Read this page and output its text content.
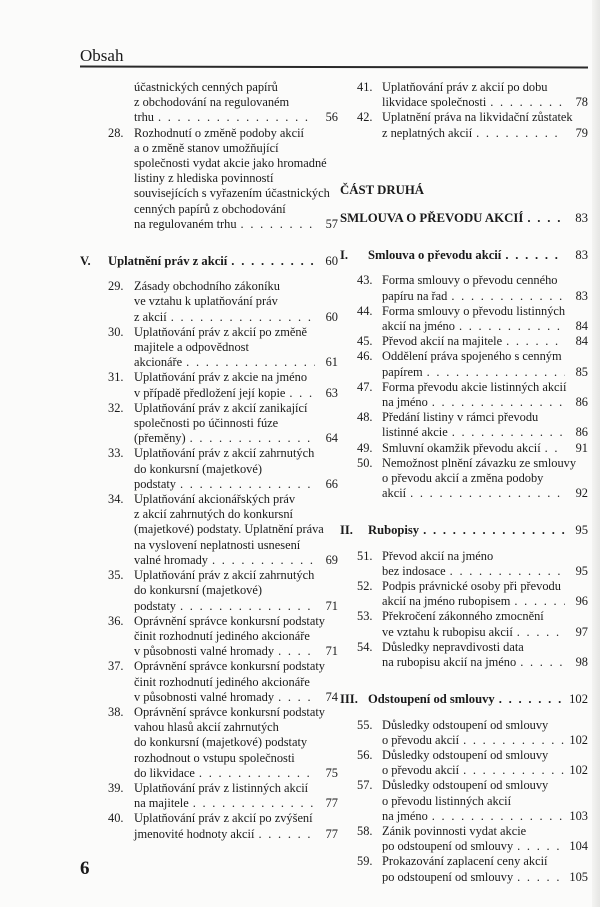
Obsah
účastnických cenných papírů
z obchodování na regulovaném
trhu . . .	56
28. Rozhodnutí o změně podoby akcií
a o změně stanov umožňující
společnosti vydat akcie jako hromadné
listiny z hlediska povinností
souvisejících s vyřazením účastnických
cenných papírů z obchodování
na regulovaném trhu . . .	57
V.	Uplatnění práv z akcií . . .	60
29. Zásady obchodního zákoníku
ve vztahu k uplatňování práv
z akcií . . .	60
30. Uplatňování práv z akcií po změně
majitele a odpovědnost
akcionáře . . .	61
31. Uplatňování práv z akcie na jméno
v případě předložení její kopie . . .	63
32. Uplatňování práv z akcií zanikající
společnosti po účinnosti fúze
(přeměny) . . .	64
33. Uplatňování práv z akcií zahrnutých
do konkursní (majetkové)
podstaty . . .	66
34. Uplatňování akcionářských práv
z akcií zahrnutých do konkursní
(majetkové) podstaty. Uplatnění práva
na vyslovení neplatnosti usnesení
valné hromady . . .	69
35. Uplatňování práv z akcií zahrnutých
do konkursní (majetkové)
podstaty . . .	71
36. Oprávnění správce konkursní podstaty
činit rozhodnutí jediného akcionáře
v působnosti valné hromady . . .	71
37. Oprávnění správce konkursní podstaty
činit rozhodnutí jediného akcionáře
v působnosti valné hromady . . .	74
38. Oprávnění správce konkursní podstaty
vahou hlasů akcií zahrnutých
do konkursní (majetkové) podstaty
rozhodnout o vstupu společnosti
do likvidace . . .	75
39. Uplatňování práv z listinných akcií
na majitele . . .	77
40. Uplatňování práv z akcií po zvýšení
jmenovité hodnoty akcií . . .	77
41. Uplatňování práv z akcií po dobu
likvidace společnosti . . .	78
42. Uplatnění práva na likvidační zůstatek
z neplatných akcií . . .	79
ČÁST DRUHÁ
SMLOUVA O PŘEVODU AKCIÍ . . .	83
I.	Smlouva o převodu akcií . . .	83
43. Forma smlouvy o převodu cenného
papíru na řad . . .	83
44. Forma smlouvy o převodu listinných
akcií na jméno . . .	84
45. Převod akcií na majitele . . .	84
46. Oddělení práva spojeného s cenným
papírem . . .	85
47. Forma převodu akcie listinných akcií
na jméno . . .	86
48. Předání listiny v rámci převodu
listinné akcie . . .	86
49. Smluvní okamžik převodu akcií . . .	91
50. Nemožnost plnění závazku ze smlouvy
o převodu akcií a změna podoby
akcií . . .	92
II.	Rubopisy . . .	95
51. Převod akcií na jméno
bez indosace . . .	95
52. Podpis právnické osoby při převodu
akcií na jméno rubopisem . . .	96
53. Překročení zákonného zmocnění
ve vztahu k rubopisu akcií . . .	97
54. Důsledky nepravdivosti data
na rubopisu akcií na jméno . . .	98
III. Odstoupení od smlouvy . . .	102
55. Důsledky odstoupení od smlouvy
o převodu akcií . . .	102
56. Důsledky odstoupení od smlouvy
o převodu akcií . . .	102
57. Důsledky odstoupení od smlouvy
o převodu listinných akcií
na jméno . . .	103
58. Zánik povinnosti vydat akcie
po odstoupení od smlouvy . . .	104
59. Prokazování zaplacení ceny akcií
po odstoupení od smlouvy . . .	105
6
